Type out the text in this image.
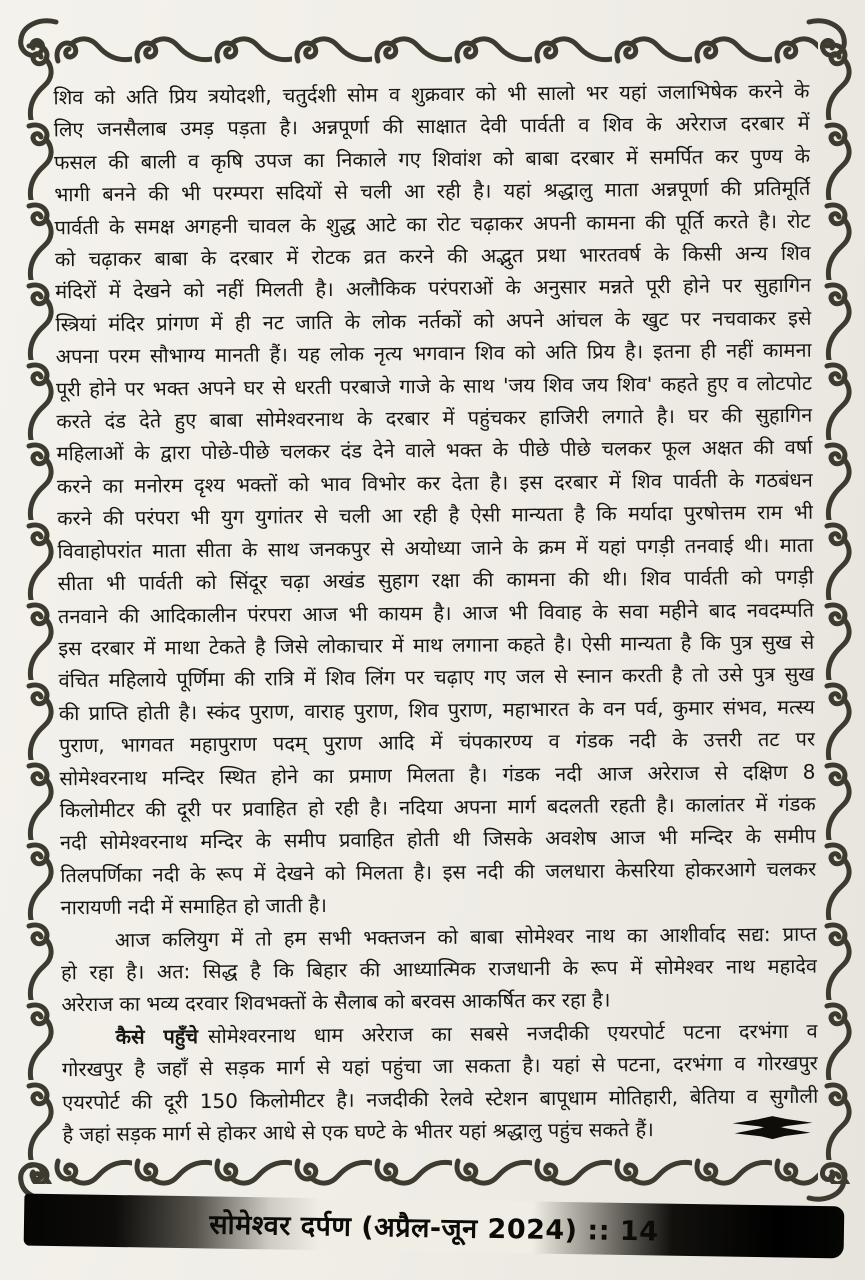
शिव को अति प्रिय त्रयोदशी, चतुर्दशी सोम व शुक्रवार को भी सालो भर यहां जलाभिषेक करने के
लिए जनसैलाब उमड़ पड़ता है। अन्नपूर्णा की साक्षात देवी पार्वती व शिव के अरेराज दरबार में
फसल की बाली व कृषि उपज का निकाले गए शिवांश को बाबा दरबार में समर्पित कर पुण्य के
भागी बनने की भी परम्परा सदियों से चली आ रही है। यहां श्रद्धालु माता अन्नपूर्णा की प्रतिमूर्ति
पार्वती के समक्ष अगहनी चावल के शुद्ध आटे का रोट चढ़ाकर अपनी कामना की पूर्ति करते है। रोट
को चढ़ाकर बाबा के दरबार में रोटक व्रत करने की अद्भुत प्रथा भारतवर्ष के किसी अन्य शिव
मंदिरों में देखने को नहीं मिलती है। अलौकिक परंपराओं के अनुसार मन्नते पूरी होने पर सुहागिन
स्त्रियां मंदिर प्रांगण में ही नट जाति के लोक नर्तकों को अपने आंचल के खुट पर नचवाकर इसे
अपना परम सौभाग्य मानती हैं। यह लोक नृत्य भगवान शिव को अति प्रिय है। इतना ही नहीं कामना
पूरी होने पर भक्त अपने घर से धरती परबाजे गाजे के साथ 'जय शिव जय शिव' कहते हुए व लोटपोट
करते दंड देते हुए बाबा सोमेश्वरनाथ के दरबार में पहुंचकर हाजिरी लगाते है। घर की सुहागिन
महिलाओं के द्वारा पोछे-पीछे चलकर दंड देने वाले भक्त के पीछे पीछे चलकर फूल अक्षत की वर्षा
करने का मनोरम दृश्य भक्तों को भाव विभोर कर देता है। इस दरबार में शिव पार्वती के गठबंधन
करने की परंपरा भी युग युगांतर से चली आ रही है ऐसी मान्यता है कि मर्यादा पुरषोत्तम राम भी
विवाहोपरांत माता सीता के साथ जनकपुर से अयोध्या जाने के क्रम में यहां पगड़ी तनवाई थी। माता
सीता भी पार्वती को सिंदूर चढ़ा अखंड सुहाग रक्षा की कामना की थी। शिव पार्वती को पगड़ी
तनवाने की आदिकालीन पंरपरा आज भी कायम है। आज भी विवाह के सवा महीने बाद नवदम्पति
इस दरबार में माथा टेकते है जिसे लोकाचार में माथ लगाना कहते है। ऐसी मान्यता है कि पुत्र सुख से
वंचित महिलाये पूर्णिमा की रात्रि में शिव लिंग पर चढ़ाए गए जल से स्नान करती है तो उसे पुत्र सुख
की प्राप्ति होती है। स्कंद पुराण, वाराह पुराण, शिव पुराण, महाभारत के वन पर्व, कुमार संभव, मत्स्य
पुराण, भागवत महापुराण पदम् पुराण आदि में चंपकारण्य व गंडक नदी के उत्तरी तट पर
सोमेश्वरनाथ मन्दिर स्थित होने का प्रमाण मिलता है। गंडक नदी आज अरेराज से दक्षिण 8
किलोमीटर की दूरी पर प्रवाहित हो रही है। नदिया अपना मार्ग बदलती रहती है। कालांतर में गंडक
नदी सोमेश्वरनाथ मन्दिर के समीप प्रवाहित होती थी जिसके अवशेष आज भी मन्दिर के समीप
तिलपर्णिका नदी के रूप में देखने को मिलता है। इस नदी की जलधारा केसरिया होकरआगे चलकर
नारायणी नदी में समाहित हो जाती है।
आज कलियुग में तो हम सभी भक्तजन को बाबा सोमेश्वर नाथ का आशीर्वाद सद्य: प्राप्त
हो रहा है। अत: सिद्ध है कि बिहार की आध्यात्मिक राजधानी के रूप में सोमेश्वर नाथ महादेव
अरेराज का भव्य दरवार शिवभक्तों के सैलाब को बरवस आकर्षित कर रहा है।
कैसे पहुँचे सोमेश्वरनाथ धाम अरेराज का सबसे नजदीकी एयरपोर्ट पटना दरभंगा व
गोरखपुर है जहाँ से सड़क मार्ग से यहां पहुंचा जा सकता है। यहां से पटना, दरभंगा व गोरखपुर
एयरपोर्ट की दूरी 150 किलोमीटर है। नजदीकी रेलवे स्टेशन बापूधाम मोतिहारी, बेतिया व सुगौली
है जहां सड़क मार्ग से होकर आधे से एक घण्टे के भीतर यहां श्रद्धालु पहुंच सकते हैं।
सोमेश्वर दर्पण (अप्रैल-जून 2024) :: 14
